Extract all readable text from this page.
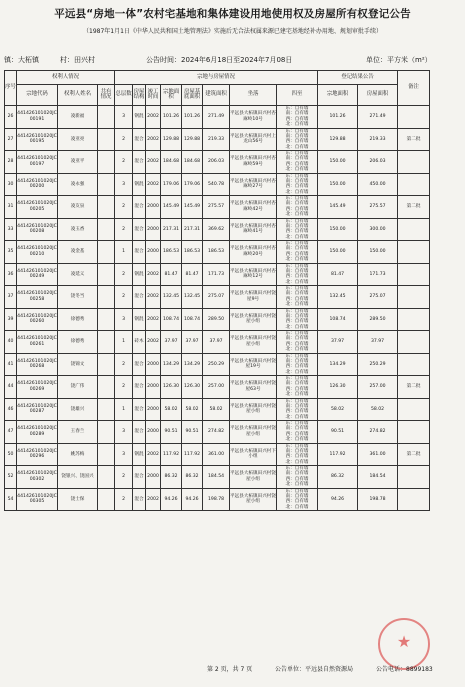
平远县“房地一体”农村宅基地和集体建设用地使用权及房屋所有权登记公告
（1987年1月1日《中华人民共和国土地管理法》实施后无合法权属来源已建宅基地经补办用地、规划审批手续）
镇：大柘镇	村：田兴村	公告时间：2024年6月18日至2024年7月08日	单位：平方米（m²）
序号	权利人情况			宗地与房屋情况								登记结果公告		备注
	宗地代码	权利人姓名	共有情况	总层数	房屋结构	竣工时间	宗地面积	房屋基底面积	建筑面积	坐落	四至	宗地面积	房屋面积	
26	441426101020JC00191	凌新福		3	钢混	2002	101.26	101.26	271.49	平远县大柘镇田兴村杏麻岭10号	东：自有墙
南：自有墙
西：自有墙
北：自有墙	101.26	271.49	
27	441426101020JC00195	凌亚亮		2	混合	2002	129.88	129.88	219.33	平远县大柘镇田兴村上龙山56号	东：自有墙
南：自有墙
西：自有墙
北：自有墙	129.88	219.33	第二批
28	441426101020JC00197	凌亚平		2	混合	2002	184.68	184.68	206.03	平远县大柘镇田兴村杏麻岭59号	东：自有墙
南：自有墙
西：自有墙
北：自有墙	150.00	206.03	
30	441426101020JC00200	凌永强		3	钢混	2002	179.06	179.06	540.78	平远县大柘镇田兴村杏麻岭27号	东：自有墙
南：自有墙
西：自有墙
北：自有墙	150.00	450.00	
31	441426101020JC00205	凌友泉		2	混合	2000	145.49	145.49	275.57	平远县大柘镇田兴村杏麻岭42号	东：自有墙
南：自有墙
西：自有墙
北：自有墙	145.49	275.57	第二批
33	441426101020JC00208	凌玉香		2	混合	2000	217.31	217.31	369.62	平远县大柘镇田兴村杏麻岭41号	东：自有墙
南：自有墙
西：自有墙
北：自有墙	150.00	300.00	
35	441426101020JC00210	凌金基		1	混合	2000	186.53	186.53	186.53	平远县大柘镇田兴村杏麻岭20号	东：自有墙
南：自有墙
西：自有墙
北：自有墙	150.00	150.00	
36	441426101020JC00249	凌延义		2	钢混	2002	81.47	81.47	171.73	平远县大柘镇田兴村杏麻岭12号	东：自有墙
南：自有墙
西：自有墙
北：自有墙	81.47	171.73	
37	441426101020JC00258	饶冬当		2	混合	2002	132.45	132.45	275.07	平远县大柘镇田兴村饶屋9号	东：自有墙
南：自有墙
西：自有墙
北：自有墙	132.45	275.07	
39	441426101020JC00260	徐德秀		3	钢混	2002	108.74	108.74	289.50	平远县大柘镇田兴村饶屋小组	东：自有墙
南：自有墙
西：自有墙
北：自有墙	108.74	289.50	
40	441426101020JC00261	徐德秀		1	砖木	2002	37.97	37.97	37.97	平远县大柘镇田兴村饶屋小组	东：自有墙
南：自有墙
西：自有墙
北：自有墙	37.97	37.97	
41	441426101020JC00268	饶锦文		2	混合	2000	134.29	134.29	250.29	平远县大柘镇田兴村饶屋19号	东：自有墙
南：自有墙
西：自有墙
北：自有墙	134.29	250.29	
44	441426101020JC00269	饶广伟		2	混合	2000	126.30	126.30	257.00	平远县大柘镇田兴村饶屋63号	东：自有墙
南：自有墙
西：自有墙
北：自有墙	126.30	257.00	第二批
46	441426101020JC00287	饶雄兴		1	混合	2000	58.02	58.02	58.02	平远县大柘镇田兴村饶屋小组	东：自有墙
南：自有墙
西：自有墙
北：自有墙	58.02	58.02	
47	441426101020JC00289	王春兰		3	混合	2000	90.51	90.51	274.82	平远县大柘镇田兴村饶屋小组	东：自有墙
南：自有墙
西：自有墙
北：自有墙	90.51	274.82	
50	441426101020JC00296	姚苏梅		3	钢混	2002	117.92	117.92	361.00	平远县大柘镇田兴村下小组	东：自有墙
南：自有墙
西：自有墙
北：自有墙	117.92	361.00	第二批
52	441426101020JC00302	饶银兴、饶国兴		2	混合	2000	86.32	86.32	184.54	平远县大柘镇田兴村饶屋小组	东：自有墙
南：自有墙
西：自有墙
北：自有墙	86.32	184.54	
54	441426101020JC00305	饶士保		2	混合	2002	94.26	94.26	198.78	平远县大柘镇田兴村饶屋小组	东：自有墙
南：自有墙
西：自有墙
北：自有墙	94.26	198.78	
★
第 2 页，共 7 页	公告单位：平远县自然资源局	公告电话：8899183
